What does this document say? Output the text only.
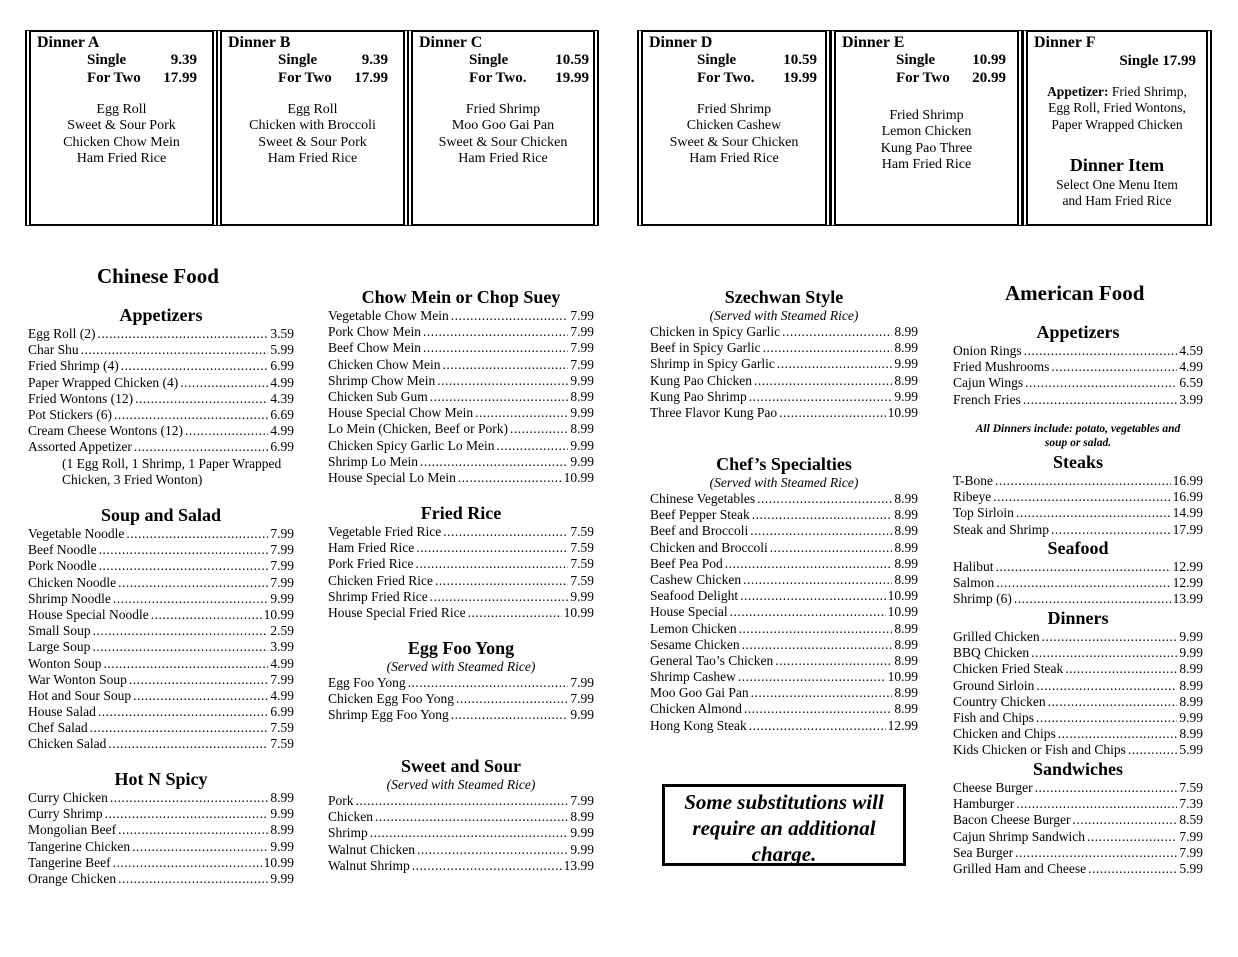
Dinner A
Single	9.39
For Two	17.99
Egg Roll
Sweet & Sour Pork
Chicken Chow Mein
Ham Fried Rice
Dinner B
Single	9.39
For Two	17.99
Egg Roll
Chicken with Broccoli
Sweet & Sour Pork
Ham Fried Rice
Dinner C
Single	10.59
For Two.	19.99
Fried Shrimp
Moo Goo Gai Pan
Sweet & Sour Chicken
Ham Fried Rice
Dinner D
Single	10.59
For Two.	19.99
Fried Shrimp
Chicken Cashew
Sweet & Sour Chicken
Ham Fried Rice
Dinner E
Single	10.99
For Two	20.99
Fried Shrimp
Lemon Chicken
Kung Pao Three
Ham Fried Rice
Dinner F
Single 17.99
Appetizer: Fried Shrimp,
Egg Roll, Fried Wontons,
Paper Wrapped Chicken
Dinner Item
Select One Menu Item
and Ham Fried Rice
Chinese Food
Appetizers
Egg Roll (2) .....	3.59
Char Shu .....	5.99
Fried Shrimp (4) .....	6.99
Paper Wrapped Chicken (4) .....	4.99
Fried Wontons (12) .....	4.39
Pot Stickers (6) .....	6.69
Cream Cheese Wontons (12) .....	4.99
Assorted Appetizer .....	6.99
(1 Egg Roll, 1 Shrimp, 1 Paper Wrapped
Chicken, 3 Fried Wonton)
Soup and Salad
Vegetable Noodle .....	7.99
Beef Noodle .....	7.99
Pork Noodle .....	7.99
Chicken Noodle .....	7.99
Shrimp Noodle .....	9.99
House Special Noodle .....	10.99
Small Soup .....	2.59
Large Soup .....	3.99
Wonton Soup .....	4.99
War Wonton Soup .....	7.99
Hot and Sour Soup .....	4.99
House Salad .....	6.99
Chef Salad .....	7.59
Chicken Salad .....	7.59
Hot N Spicy
Curry Chicken .....	8.99
Curry Shrimp .....	9.99
Mongolian Beef .....	8.99
Tangerine Chicken .....	9.99
Tangerine Beef .....	10.99
Orange Chicken .....	9.99
Chow Mein or Chop Suey
Vegetable Chow Mein .....	7.99
Pork Chow Mein .....	7.99
Beef Chow Mein .....	7.99
Chicken Chow Mein .....	7.99
Shrimp Chow Mein .....	9.99
Chicken Sub Gum .....	8.99
House Special Chow Mein .....	9.99
Lo Mein (Chicken, Beef or Pork) .....	8.99
Chicken Spicy Garlic Lo Mein .....	9.99
Shrimp Lo Mein .....	9.99
House Special Lo Mein .....	10.99
Fried Rice
Vegetable Fried Rice .....	7.59
Ham Fried Rice .....	7.59
Pork Fried Rice .....	7.59
Chicken Fried Rice .....	7.59
Shrimp Fried Rice .....	9.99
House Special Fried Rice .....	10.99
Egg Foo Yong
(Served with Steamed Rice)
Egg Foo Yong .....	7.99
Chicken Egg Foo Yong .....	7.99
Shrimp Egg Foo Yong .....	9.99
Sweet and Sour
(Served with Steamed Rice)
Pork .....	7.99
Chicken .....	8.99
Shrimp .....	9.99
Walnut Chicken .....	9.99
Walnut Shrimp .....	13.99
Szechwan Style
(Served with Steamed Rice)
Chicken in Spicy Garlic .....	8.99
Beef in Spicy Garlic .....	8.99
Shrimp in Spicy Garlic .....	9.99
Kung Pao Chicken .....	8.99
Kung Pao Shrimp .....	9.99
Three Flavor Kung Pao .....	10.99
Chef’s Specialties
(Served with Steamed Rice)
Chinese Vegetables .....	8.99
Beef Pepper Steak .....	8.99
Beef and Broccoli .....	8.99
Chicken and Broccoli .....	8.99
Beef Pea Pod .....	8.99
Cashew Chicken .....	8.99
Seafood Delight .....	10.99
House Special .....	10.99
Lemon Chicken .....	8.99
Sesame Chicken .....	8.99
General Tao’s Chicken .....	8.99
Shrimp Cashew .....	10.99
Moo Goo Gai Pan .....	8.99
Chicken Almond .....	8.99
Hong Kong Steak .....	12.99
Some substitutions will
require an additional
charge.
American Food
Appetizers
Onion Rings .....	4.59
Fried Mushrooms .....	4.99
Cajun Wings .....	6.59
French Fries .....	3.99
All Dinners include: potato, vegetables and
soup or salad.
Steaks
T-Bone .....	16.99
Ribeye .....	16.99
Top Sirloin .....	14.99
Steak and Shrimp .....	17.99
Seafood
Halibut .....	12.99
Salmon .....	12.99
Shrimp (6) .....	13.99
Dinners
Grilled Chicken .....	9.99
BBQ Chicken .....	9.99
Chicken Fried Steak .....	8.99
Ground Sirloin .....	8.99
Country Chicken .....	8.99
Fish and Chips .....	9.99
Chicken and Chips .....	8.99
Kids Chicken or Fish and Chips .....	5.99
Sandwiches
Cheese Burger .....	7.59
Hamburger .....	7.39
Bacon Cheese Burger .....	8.59
Cajun Shrimp Sandwich .....	7.99
Sea Burger .....	7.99
Grilled Ham and Cheese .....	5.99
